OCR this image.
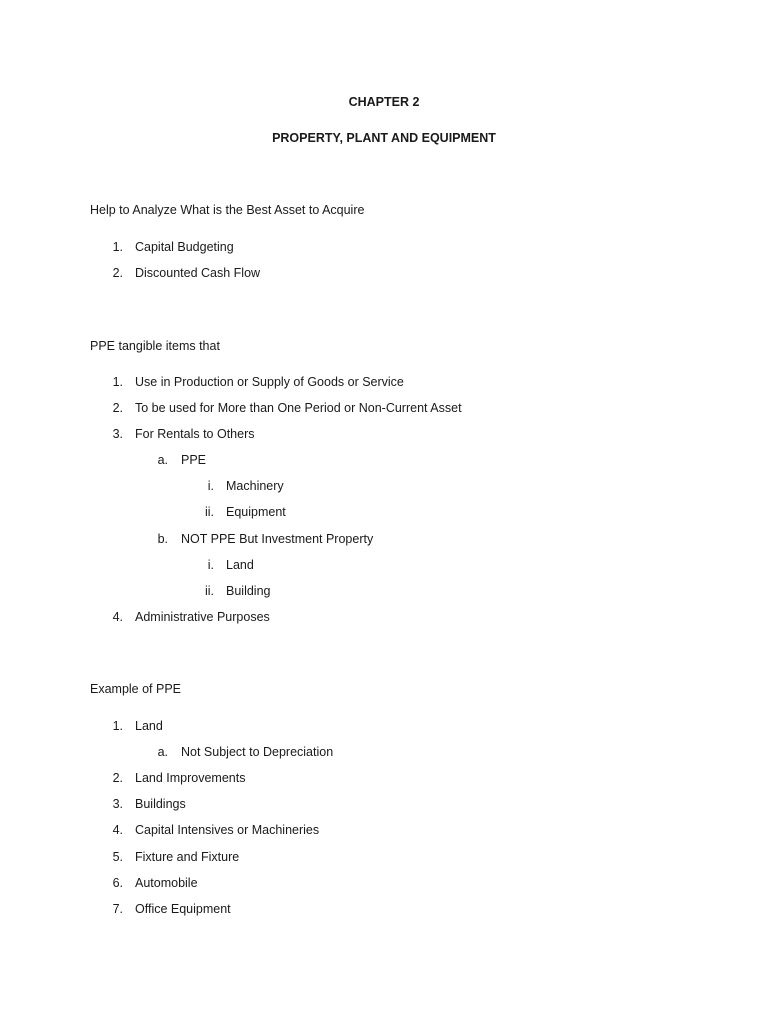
CHAPTER 2
PROPERTY, PLANT AND EQUIPMENT
Help to Analyze What is the Best Asset to Acquire
1. Capital Budgeting
2. Discounted Cash Flow
PPE tangible items that
1. Use in Production or Supply of Goods or Service
2. To be used for More than One Period or Non-Current Asset
3. For Rentals to Others
a. PPE
i. Machinery
ii. Equipment
b. NOT PPE But Investment Property
i. Land
ii. Building
4. Administrative Purposes
Example of PPE
1. Land
a. Not Subject to Depreciation
2. Land Improvements
3. Buildings
4. Capital Intensives or Machineries
5. Fixture and Fixture
6. Automobile
7. Office Equipment
